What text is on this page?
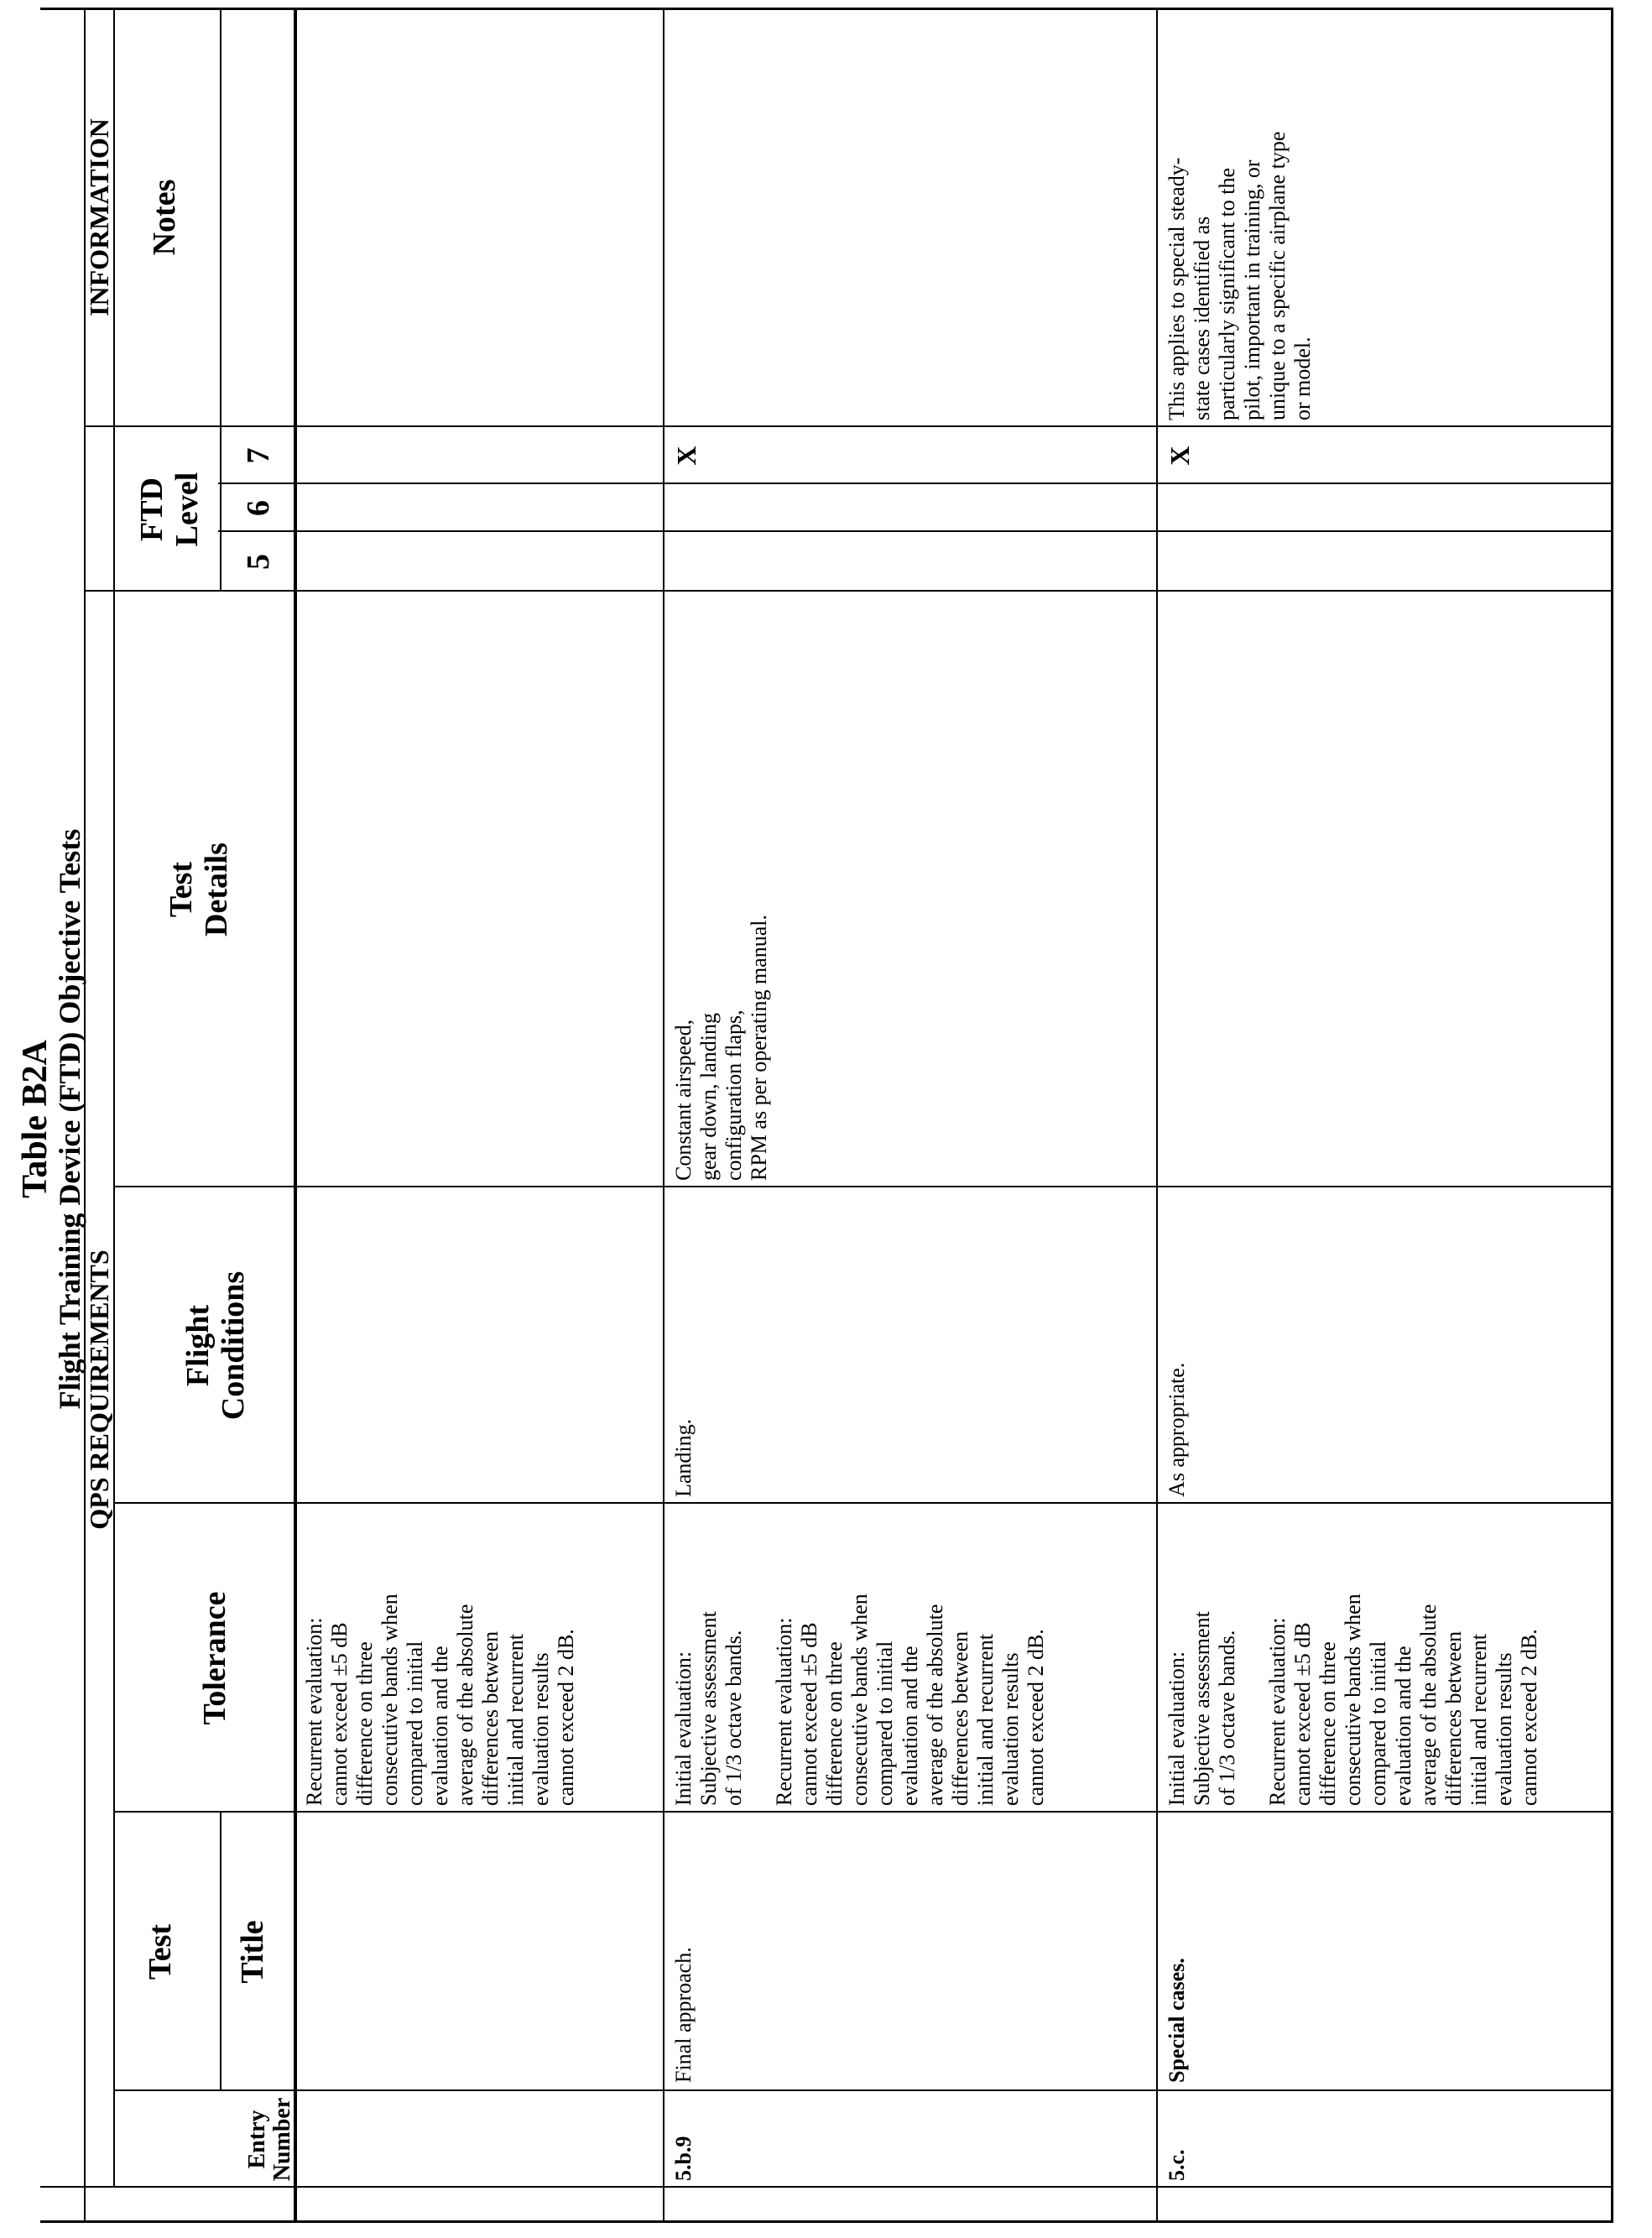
Table B2A
Flight Training Device (FTD) Objective Tests
QPS REQUIREMENTS
INFORMATION
Test
Entry
Number
Title
Tolerance
Flight
Conditions
Test
Details
FTD
Level
5
6
7
Notes
Recurrent evaluation:
cannot exceed ±5 dB
difference on three
consecutive bands when
compared to initial
evaluation and the
average of the absolute
differences between
initial and recurrent
evaluation results
cannot exceed 2 dB.
5.b.9
Final approach.
Initial evaluation:
Subjective assessment
of 1/3 octave bands.

Recurrent evaluation:
cannot exceed ±5 dB
difference on three
consecutive bands when
compared to initial
evaluation and the
average of the absolute
differences between
initial and recurrent
evaluation results
cannot exceed 2 dB.
Landing.
Constant airspeed,
gear down, landing
configuration flaps,
RPM as per operating manual.
X
5.c.
Special cases.
Initial evaluation:
Subjective assessment
of 1/3 octave bands.

Recurrent evaluation:
cannot exceed ±5 dB
difference on three
consecutive bands when
compared to initial
evaluation and the
average of the absolute
differences between
initial and recurrent
evaluation results
cannot exceed 2 dB.
As appropriate.
X
This applies to special steady-
state cases identified as
particularly significant to the
pilot, important in training, or
unique to a specific airplane type
or model.
